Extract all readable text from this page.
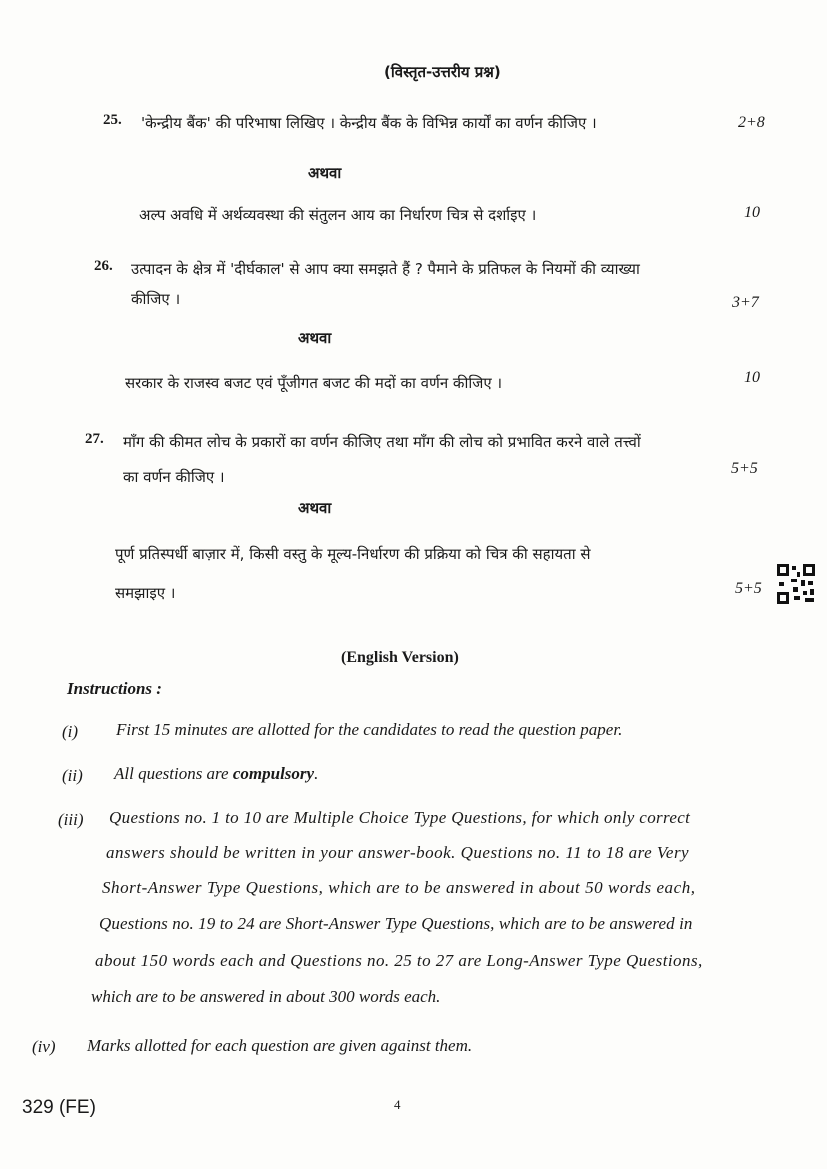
(विस्तृत-उत्तरीय प्रश्न)
25. 'केन्द्रीय बैंक' की परिभाषा लिखिए । केन्द्रीय बैंक के विभिन्न कार्यों का वर्णन कीजिए ।	2+8
अथवा
अल्प अवधि में अर्थव्यवस्था की संतुलन आय का निर्धारण चित्र से दर्शाइए ।	10
26. उत्पादन के क्षेत्र में 'दीर्घकाल' से आप क्या समझते हैं ? पैमाने के प्रतिफल के नियमों की व्याख्या
कीजिए ।	3+7
अथवा
सरकार के राजस्व बजट एवं पूँजीगत बजट की मदों का वर्णन कीजिए ।	10
27. माँग की कीमत लोच के प्रकारों का वर्णन कीजिए तथा माँग की लोच को प्रभावित करने वाले तत्त्वों
का वर्णन कीजिए ।	5+5
अथवा
पूर्ण प्रतिस्पर्धी बाज़ार में, किसी वस्तु के मूल्य-निर्धारण की प्रक्रिया को चित्र की सहायता से
समझाइए ।	5+5
(English Version)
Instructions :
(i) First 15 minutes are allotted for the candidates to read the question paper.
(ii) All questions are compulsory.
(iii) Questions no. 1 to 10 are Multiple Choice Type Questions, for which only correct
answers should be written in your answer-book. Questions no. 11 to 18 are Very
Short-Answer Type Questions, which are to be answered in about 50 words each,
Questions no. 19 to 24 are Short-Answer Type Questions, which are to be answered in
about 150 words each and Questions no. 25 to 27 are Long-Answer Type Questions,
which are to be answered in about 300 words each.
(iv) Marks allotted for each question are given against them.
329 (FE)	4
